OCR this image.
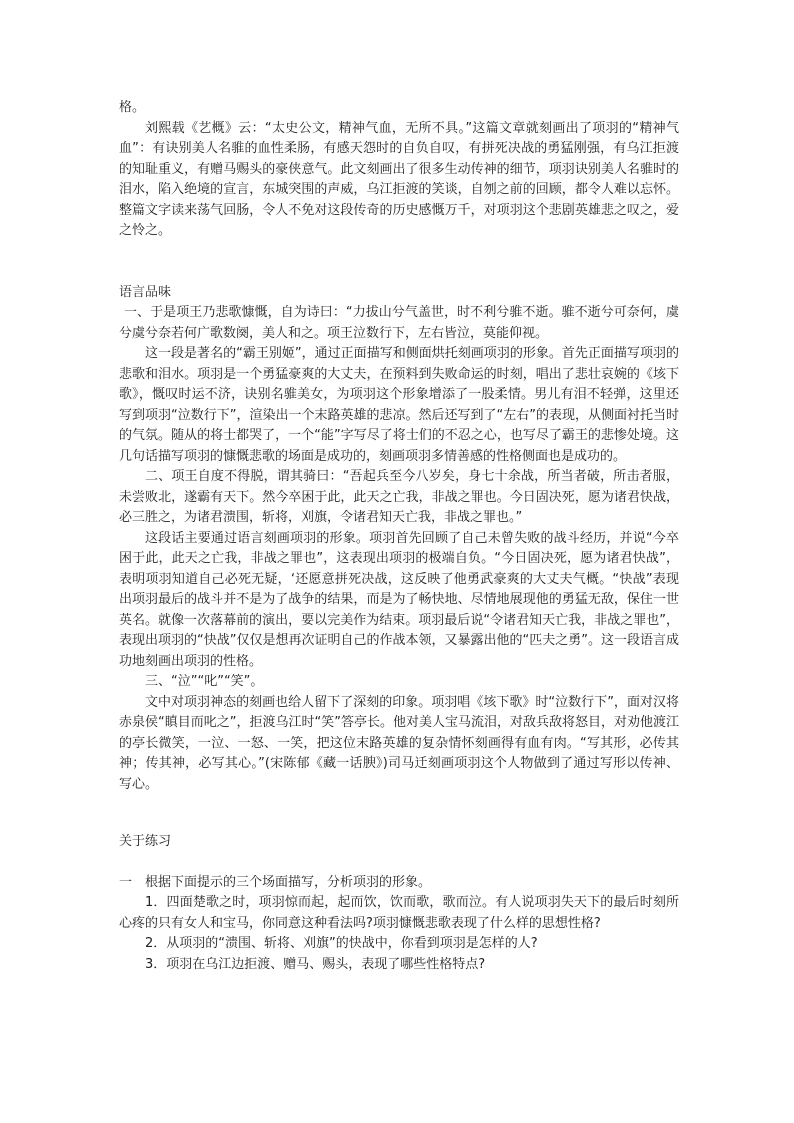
格。

刘熙载《艺概》云：“太史公文，精神气血，无所不具。”这篇文章就刻画出了项羽的“精神气血”：有诀别美人名骓的血性柔肠，有感天怨时的自负自叹，有拼死决战的勇猛刚强，有乌江拒渡的知耻重义，有赠马赐头的豪侠意气。此文刻画出了很多生动传神的细节，项羽诀别美人名骓时的泪水，陷入绝境的宣言，东城突围的声威，乌江拒渡的笑谈，自刎之前的回顾，都令人难以忘怀。整篇文字读来荡气回肠，令人不免对这段传奇的历史感慨万千，对项羽这个悲剧英雄悲之叹之，爱之怜之。

语言品味

一、于是项王乃悲歌慷慨，自为诗曰：“力拔山兮气盖世，时不利兮骓不逝。骓不逝兮可奈何，虞兮虞兮奈若何广歌数阕，美人和之。项王泣数行下，左右皆泣，莫能仰视。

这一段是著名的“霸王别姬”，通过正面描写和侧面烘托刻画项羽的形象。首先正面描写项羽的悲歌和泪水。项羽是一个勇猛豪爽的大丈夫，在预料到失败命运的时刻，唱出了悲壮哀婉的《垓下歌》，慨叹时运不济，诀别名骓美女，为项羽这个形象增添了一股柔情。男儿有泪不轻弹，这里还写到项羽“泣数行下”，渲染出一个末路英雄的悲凉。然后还写到了“左右”的表现，从侧面衬托当时的气氛。随从的将士都哭了，一个“能”字写尽了将士们的不忍之心，也写尽了霸王的悲惨处境。这几句话描写项羽的慷慨悲歌的场面是成功的，刻画项羽多情善感的性格侧面也是成功的。

二、项王自度不得脱，谓其骑曰：“吾起兵至今八岁矣，身七十余战，所当者破，所击者服，未尝败北，遂霸有天下。然今卒困于此，此天之亡我，非战之罪也。今日固决死，愿为诸君快战，必三胜之，为诸君溃围，斩将，刈旗，令诸君知天亡我，非战之罪也。”

这段话主要通过语言刻画项羽的形象。项羽首先回顾了自己未曾失败的战斗经历，并说“今卒困于此，此天之亡我，非战之罪也”，这表现出项羽的极端自负。“今日固决死，愿为诸君快战”，表明项羽知道自己必死无疑，‘还愿意拼死决战，这反映了他勇武豪爽的大丈夫气概。“快战”表现出项羽最后的战斗并不是为了战争的结果，而是为了畅快地、尽情地展现他的勇猛无敌，保住一世英名。就像一次落幕前的演出，要以完美作为结束。项羽最后说“令诸君知天亡我，非战之罪也”，表现出项羽的“快战”仅仅是想再次证明自己的作战本领，又暴露出他的“匹夫之勇”。这一段语言成功地刻画出项羽的性格。

三、“泣”“叱”“笑”。

文中对项羽神态的刻画也给人留下了深刻的印象。项羽唱《垓下歌》时“泣数行下”，面对汉将赤泉侯“瞋目而叱之”，拒渡乌江时“笑”答亭长。他对美人宝马流泪，对敌兵敌将怒目，对劝他渡江的亭长微笑，一泣、一怒、一笑，把这位末路英雄的复杂情怀刻画得有血有肉。“写其形，必传其神；传其神，必写其心。”(宋陈郁《藏一话腴》)司马迁刻画项羽这个人物做到了通过写形以传神、写心。

关于练习

一　根据下面提示的三个场面描写，分析项羽的形象。

1．四面楚歌之时，项羽惊而起，起而饮，饮而歌，歌而泣。有人说项羽失天下的最后时刻所心疼的只有女人和宝马，你同意这种看法吗?项羽慷慨悲歌表现了什么样的思想性格?

2．从项羽的“溃围、斩将、刈旗”的快战中，你看到项羽是怎样的人?

3．项羽在乌江边拒渡、赠马、赐头，表现了哪些性格特点?
